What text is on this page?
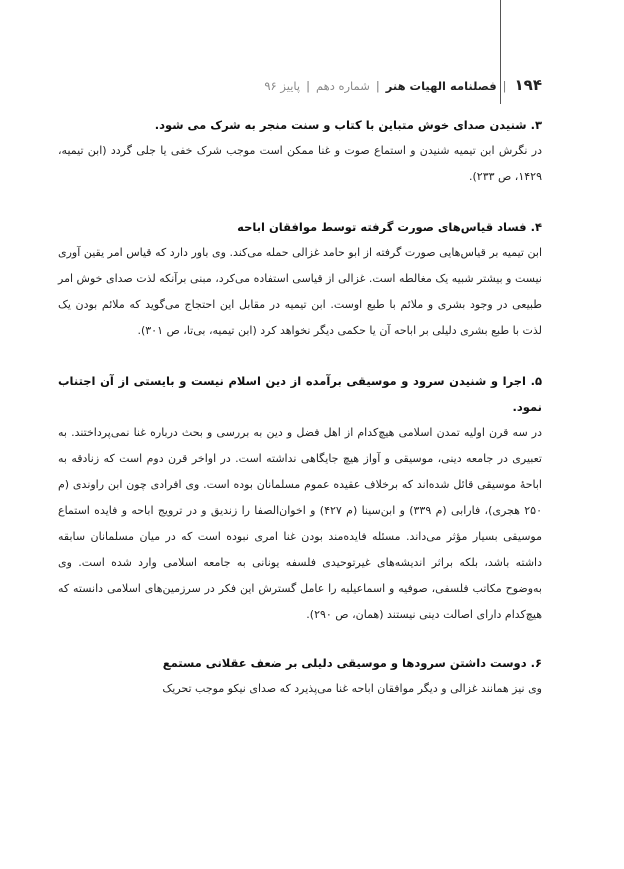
۱۹۴
|
فصلنامه الهیات هنر
|
شماره دهم
|
پاییز ۹۶
۳. شنیدن صدای خوش متباین با کتاب و سنت منجر به شرک می شود.

در نگرش ابن تیمیه شنیدن و استماع صوت و غنا ممکن است موجب شرک خفی یا جلی گردد (ابن تیمیه، ۱۴۲۹، ص ۲۳۳).

۴. فساد قیاس‌های صورت گرفته توسط موافقان اباحه

ابن تیمیه بر قیاس‌هایی صورت گرفته از ابو حامد غزالی حمله می‌کند. وی باور دارد که قیاس امر یقین آوری نیست و بیشتر شبیه یک مغالطه است. غزالی از قیاسی استفاده می‌کرد، مبنی برآنکه لذت صدای خوش امر طبیعی در وجود بشری و ملائم با طبع اوست. ابن تیمیه در مقابل این احتجاج می‌گوید که ملائم بودن یک لذت با طبع بشری دلیلی بر اباحه آن یا حکمی دیگر نخواهد کرد (ابن تیمیه، بی‌تا، ص ۳۰۱).

۵. اجرا و شنیدن سرود و موسیقی برآمده از دین اسلام نیست و بایستی از آن اجتناب نمود.

در سه قرن اولیه تمدن اسلامی هیچ‌کدام از اهل فضل و دین به بررسی و بحث درباره غنا نمی‌پرداختند. به تعبیری در جامعه دینی، موسیقی و آواز هیچ جایگاهی نداشته است. در اواخر قرن دوم است که زنادقه به اباحهٔ موسیقی قائل شده‌اند که برخلاف عقیده عموم مسلمانان بوده است. وی افرادی چون ابن راوندی (م ۲۵۰ هجری)، فارابی (م ۳۳۹) و ابن‌سینا (م ۴۲۷) و اخوان‌الصفا را زندیق و در ترویج اباحه و فایده استماع موسیقی بسیار مؤثر می‌داند. مسئله فایده‌مند بودن غنا امری نبوده است که در میان مسلمانان سابقه داشته باشد، بلکه براثر اندیشه‌های غیرتوحیدی فلسفه یونانی به جامعه اسلامی وارد شده است. وی به‌وضوح مکاتب فلسفی، صوفیه و اسماعیلیه را عامل گسترش این فکر در سرزمین‌های اسلامی دانسته که هیچ‌کدام دارای اصالت دینی نیستند (همان، ص ۲۹۰).

۶. دوست داشتن سرودها و موسیقی دلیلی بر ضعف عقلانی مستمع

وی نیز همانند غزالی و دیگر موافقان اباحه غنا می‌پذیرد که صدای نیکو موجب تحریک
